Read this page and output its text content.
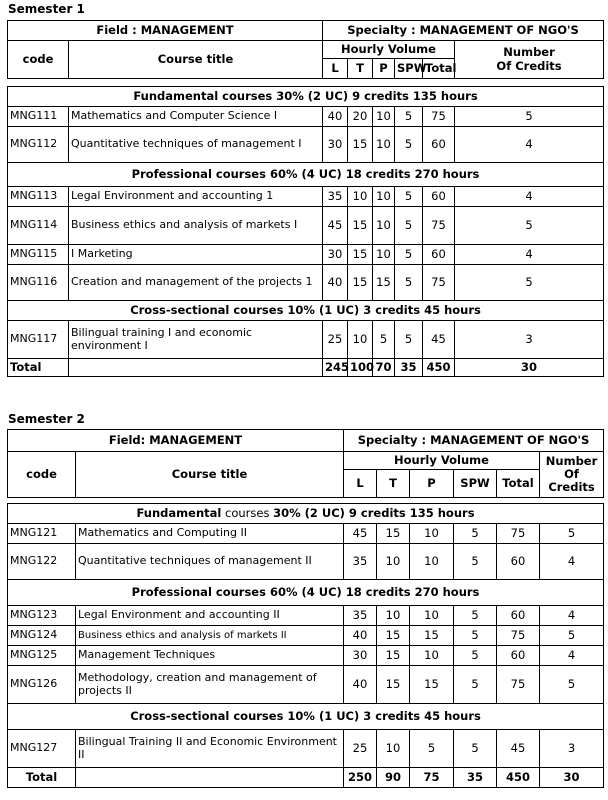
Semester 1
Field : MANAGEMENT		Specialty : MANAGEMENT OF NGO'S					
code	Course title	Hourly Volume					Number
Of Credits
		L	T	P	SPW	Total	

Fundamental courses 30% (2 UC) 9 credits 135 hours							
MNG111	Mathematics and Computer Science I	40	20	10	5	75	5
MNG112	Quantitative techniques of management I	30	15	10	5	60	4
Professional courses 60% (4 UC) 18 credits 270 hours							
MNG113	Legal Environment and accounting 1	35	10	10	5	60	4
MNG114	Business ethics and analysis of markets I	45	15	10	5	75	5
MNG115	I Marketing	30	15	10	5	60	4
MNG116	Creation and management of the projects 1	40	15	15	5	75	5
Cross-sectional courses 10% (1 UC) 3 credits 45 hours							
MNG117	Bilingual training I and economic environment I	25	10	5	5	45	3
Total		245	100	70	35	450	30
Semester 2
Field: MANAGEMENT		Specialty : MANAGEMENT OF NGO'S					
code	Course title	Hourly Volume					Number
Of
Credits
		L	T	P	SPW	Total	

Fundamental courses 30% (2 UC) 9 credits 135 hours							
MNG121	Mathematics and Computing II	45	15	10	5	75	5
MNG122	Quantitative techniques of management II	35	10	10	5	60	4
Professional courses 60% (4 UC) 18 credits 270 hours							
MNG123	Legal Environment and accounting II	35	10	10	5	60	4
MNG124	Business ethics and analysis of markets II	40	15	15	5	75	5
MNG125	Management Techniques	30	15	10	5	60	4
MNG126	Methodology, creation and management of projects II	40	15	15	5	75	5
Cross-sectional courses 10% (1 UC) 3 credits 45 hours							
MNG127	Bilingual Training II and Economic Environment II	25	10	5	5	45	3
Total		250	90	75	35	450	30
